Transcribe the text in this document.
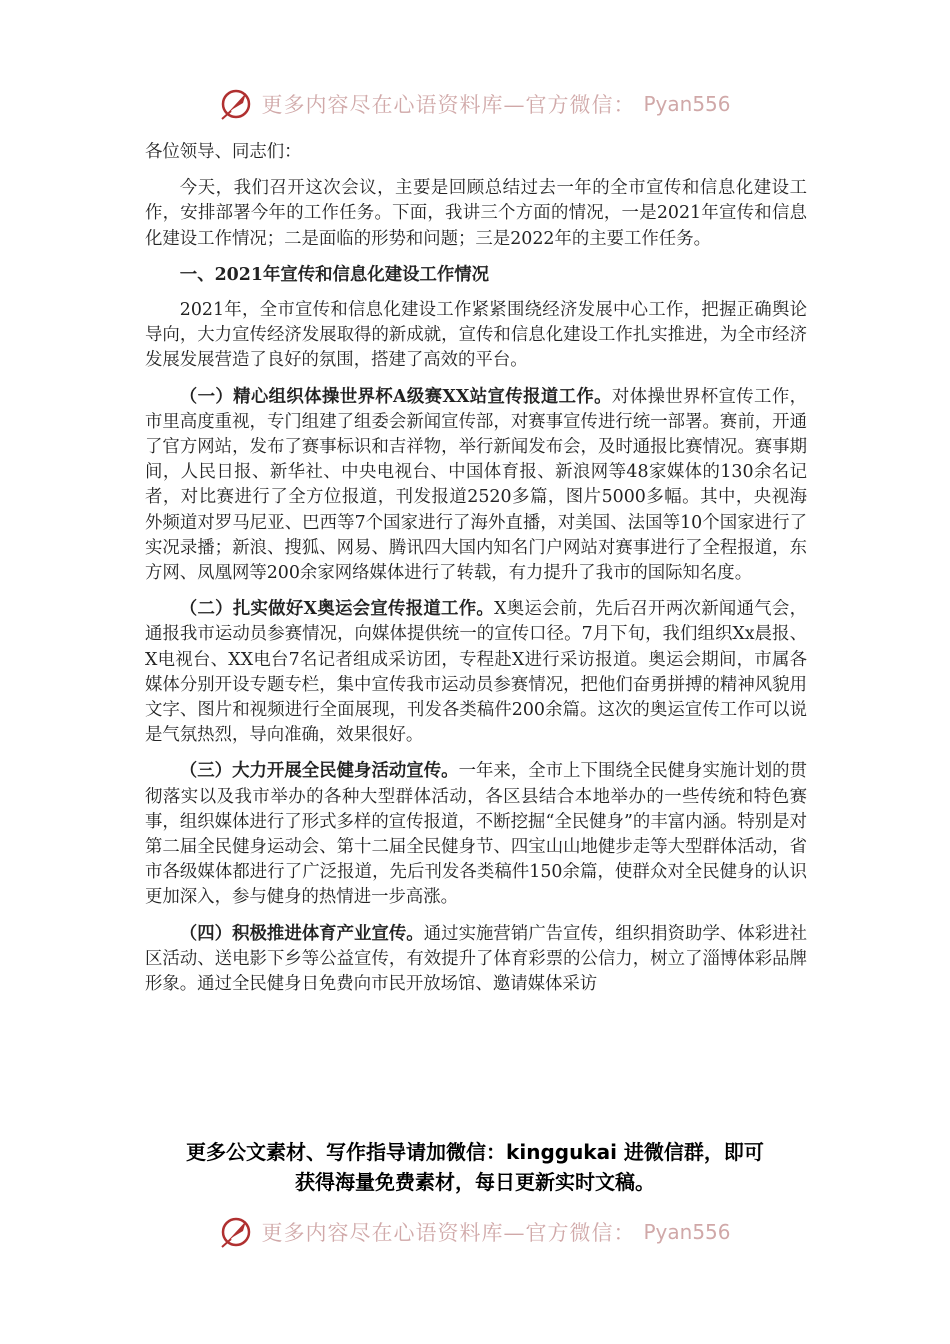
更多内容尽在心语资料库—官方微信： Pyan556

各位领导、同志们：

今天，我们召开这次会议，主要是回顾总结过去一年的全市宣传和信息化建设工作，安排部署今年的工作任务。下面，我讲三个方面的情况，一是2021年宣传和信息化建设工作情况；二是面临的形势和问题；三是2022年的主要工作任务。

一、2021年宣传和信息化建设工作情况

2021年，全市宣传和信息化建设工作紧紧围绕经济发展中心工作，把握正确舆论导向，大力宣传经济发展取得的新成就，宣传和信息化建设工作扎实推进，为全市经济发展发展营造了良好的氛围，搭建了高效的平台。

（一）精心组织体操世界杯A级赛XX站宣传报道工作。对体操世界杯宣传工作，市里高度重视，专门组建了组委会新闻宣传部，对赛事宣传进行统一部署。赛前，开通了官方网站，发布了赛事标识和吉祥物，举行新闻发布会，及时通报比赛情况。赛事期间，人民日报、新华社、中央电视台、中国体育报、新浪网等48家媒体的130余名记者，对比赛进行了全方位报道，刊发报道2520多篇，图片5000多幅。其中，央视海外频道对罗马尼亚、巴西等7个国家进行了海外直播，对美国、法国等10个国家进行了实况录播；新浪、搜狐、网易、腾讯四大国内知名门户网站对赛事进行了全程报道，东方网、凤凰网等200余家网络媒体进行了转载，有力提升了我市的国际知名度。

（二）扎实做好X奥运会宣传报道工作。X奥运会前，先后召开两次新闻通气会，通报我市运动员参赛情况，向媒体提供统一的宣传口径。7月下旬，我们组织Xx晨报、X电视台、XX电台7名记者组成采访团，专程赴X进行采访报道。奥运会期间，市属各媒体分别开设专题专栏，集中宣传我市运动员参赛情况，把他们奋勇拼搏的精神风貌用文字、图片和视频进行全面展现，刊发各类稿件200余篇。这次的奥运宣传工作可以说是气氛热烈，导向准确，效果很好。

（三）大力开展全民健身活动宣传。一年来，全市上下围绕全民健身实施计划的贯彻落实以及我市举办的各种大型群体活动，各区县结合本地举办的一些传统和特色赛事，组织媒体进行了形式多样的宣传报道，不断挖掘“全民健身”的丰富内涵。特别是对第二届全民健身运动会、第十二届全民健身节、四宝山山地健步走等大型群体活动，省市各级媒体都进行了广泛报道，先后刊发各类稿件150余篇，使群众对全民健身的认识更加深入，参与健身的热情进一步高涨。

（四）积极推进体育产业宣传。通过实施营销广告宣传，组织捐资助学、体彩进社区活动、送电影下乡等公益宣传，有效提升了体育彩票的公信力，树立了淄博体彩品牌形象。通过全民健身日免费向市民开放场馆、邀请媒体采访

更多公文素材、写作指导请加微信：kinggukai 进微信群，即可
获得海量免费素材，每日更新实时文稿。
更多内容尽在心语资料库—官方微信： Pyan556
